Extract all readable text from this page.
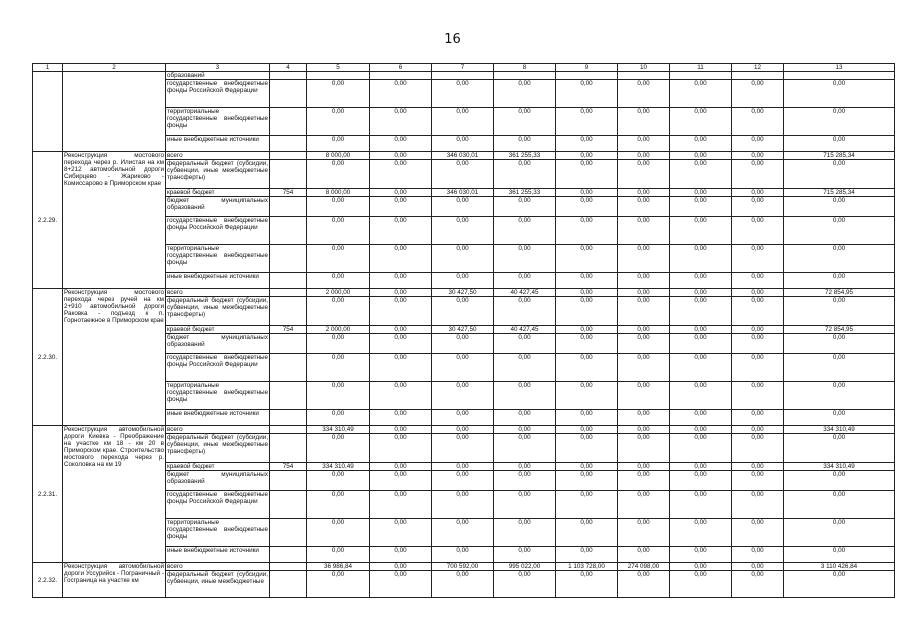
16
1	2	3	4	5	6	7	8	9	10	11	12	13
		образований										
		государственные внебюджетные фонды Российской Федерации		0,00	0,00	0,00	0,00	0,00	0,00	0,00	0,00	0,00
		территориальные государственные внебюджетные фонды		0,00	0,00	0,00	0,00	0,00	0,00	0,00	0,00	0,00
		иные внебюджетные источники		0,00	0,00	0,00	0,00	0,00	0,00	0,00	0,00	0,00
2.2.29.	Реконструкция мостового перехода через р. Илистая на км 8+212 автомобильной дороги Сибирцево - Жариково - Комиссарово в Приморском крае	всего		8 000,00	0,00	346 030,01	361 255,33	0,00	0,00	0,00	0,00	715 285,34
		федеральный бюджет (субсидии, субвенции, иные межбюджетные трансферты)		0,00	0,00	0,00	0,00	0,00	0,00	0,00	0,00	0,00
		краевой бюджет	754	8 000,00	0,00	346 030,01	361 255,33	0,00	0,00	0,00	0,00	715 285,34
		бюджет муниципальных образований		0,00	0,00	0,00	0,00	0,00	0,00	0,00	0,00	0,00
		государственные внебюджетные фонды Российской Федерации		0,00	0,00	0,00	0,00	0,00	0,00	0,00	0,00	0,00
		территориальные государственные внебюджетные фонды		0,00	0,00	0,00	0,00	0,00	0,00	0,00	0,00	0,00
		иные внебюджетные источники		0,00	0,00	0,00	0,00	0,00	0,00	0,00	0,00	0,00
2.2.30.	Реконструкция мостового перехода через ручей на км 2+910 автомобильной дороги Раковка - подъезд к п. Горнотаежное в Приморском крае	всего		2 000,00	0,00	30 427,50	40 427,45	0,00	0,00	0,00	0,00	72 854,95
		федеральный бюджет (субсидии, субвенции, иные межбюджетные трансферты)		0,00	0,00	0,00	0,00	0,00	0,00	0,00	0,00	0,00
		краевой бюджет	754	2 000,00	0,00	30 427,50	40 427,45	0,00	0,00	0,00	0,00	72 854,95
		бюджет муниципальных образований		0,00	0,00	0,00	0,00	0,00	0,00	0,00	0,00	0,00
		государственные внебюджетные фонды Российской Федерации		0,00	0,00	0,00	0,00	0,00	0,00	0,00	0,00	0,00
		территориальные государственные внебюджетные фонды		0,00	0,00	0,00	0,00	0,00	0,00	0,00	0,00	0,00
		иные внебюджетные источники		0,00	0,00	0,00	0,00	0,00	0,00	0,00	0,00	0,00
2.2.31.	Реконструкция автомобильной дороги Киевка - Преображение на участке км 18 - км 20 в Приморском крае. Строительство мостового перехода через р. Соколовка на км 19	всего		334 310,49	0,00	0,00	0,00	0,00	0,00	0,00	0,00	334 310,49
		федеральный бюджет (субсидии, субвенции, иные межбюджетные трансферты)		0,00	0,00	0,00	0,00	0,00	0,00	0,00	0,00	0,00
		краевой бюджет	754	334 310,49	0,00	0,00	0,00	0,00	0,00	0,00	0,00	334 310,49
		бюджет муниципальных образований		0,00	0,00	0,00	0,00	0,00	0,00	0,00	0,00	0,00
		государственные внебюджетные фонды Российской Федерации		0,00	0,00	0,00	0,00	0,00	0,00	0,00	0,00	0,00
		территориальные государственные внебюджетные фонды		0,00	0,00	0,00	0,00	0,00	0,00	0,00	0,00	0,00
		иные внебюджетные источники		0,00	0,00	0,00	0,00	0,00	0,00	0,00	0,00	0,00
2.2.32.	Реконструкция автомобильной дороги Уссурийск - Пограничный - Госграница на участке км	всего		36 986,84	0,00	700 592,00	995 022,00	1 103 728,00	274 098,00	0,00	0,00	3 110 426,84
		федеральный бюджет (субсидии, субвенции, иные межбюджетные		0,00	0,00	0,00	0,00	0,00	0,00	0,00	0,00	0,00
